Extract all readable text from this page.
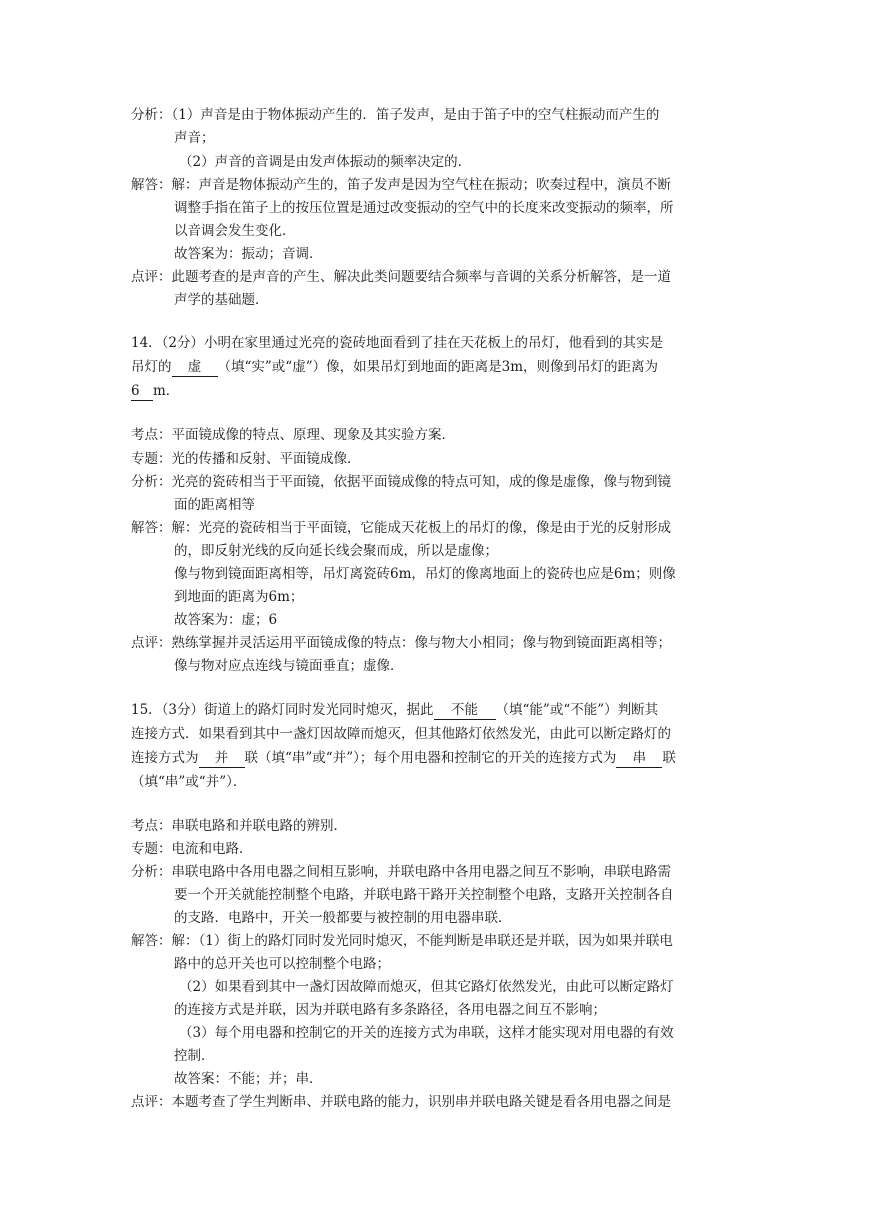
分析：（1）声音是由于物体振动产生的．笛子发声，是由于笛子中的空气柱振动而产生的
声音；
（2）声音的音调是由发声体振动的频率决定的．
解答：解：声音是物体振动产生的，笛子发声是因为空气柱在振动；吹奏过程中，演员不断
调整手指在笛子上的按压位置是通过改变振动的空气中的长度来改变振动的频率，所
以音调会发生变化．
故答案为：振动；音调．
点评：此题考查的是声音的产生、解决此类问题要结合频率与音调的关系分析解答，是一道
声学的基础题．
14．（2分）小明在家里通过光亮的瓷砖地面看到了挂在天花板上的吊灯，他看到的其实是
吊灯的 虚 （填“实”或“虚”）像，如果吊灯到地面的距离是3m，则像到吊灯的距离为
6 m．
考点：平面镜成像的特点、原理、现象及其实验方案．
专题：光的传播和反射、平面镜成像．
分析：光亮的瓷砖相当于平面镜，依据平面镜成像的特点可知，成的像是虚像，像与物到镜
面的距离相等
解答：解：光亮的瓷砖相当于平面镜，它能成天花板上的吊灯的像，像是由于光的反射形成
的，即反射光线的反向延长线会聚而成，所以是虚像；
像与物到镜面距离相等，吊灯离瓷砖6m，吊灯的像离地面上的瓷砖也应是6m；则像
到地面的距离为6m；
故答案为：虚；6
点评：熟练掌握并灵活运用平面镜成像的特点：像与物大小相同；像与物到镜面距离相等；
像与物对应点连线与镜面垂直；虚像．
15．（3分）街道上的路灯同时发光同时熄灭，据此 不能 （填“能”或“不能”）判断其
连接方式．如果看到其中一盏灯因故障而熄灭，但其他路灯依然发光，由此可以断定路灯的
连接方式为 并 联（填“串”或“并”）；每个用电器和控制它的开关的连接方式为 串 联
（填“串”或“并”）．
考点：串联电路和并联电路的辨别．
专题：电流和电路．
分析：串联电路中各用电器之间相互影响，并联电路中各用电器之间互不影响，串联电路需
要一个开关就能控制整个电路，并联电路干路开关控制整个电路，支路开关控制各自
的支路．电路中，开关一般都要与被控制的用电器串联．
解答：解：（1）街上的路灯同时发光同时熄灭，不能判断是串联还是并联，因为如果并联电
路中的总开关也可以控制整个电路；
（2）如果看到其中一盏灯因故障而熄灭，但其它路灯依然发光，由此可以断定路灯
的连接方式是并联，因为并联电路有多条路径，各用电器之间互不影响；
（3）每个用电器和控制它的开关的连接方式为串联，这样才能实现对用电器的有效
控制．
故答案：不能；并；串．
点评：本题考查了学生判断串、并联电路的能力，识别串并联电路关键是看各用电器之间是
